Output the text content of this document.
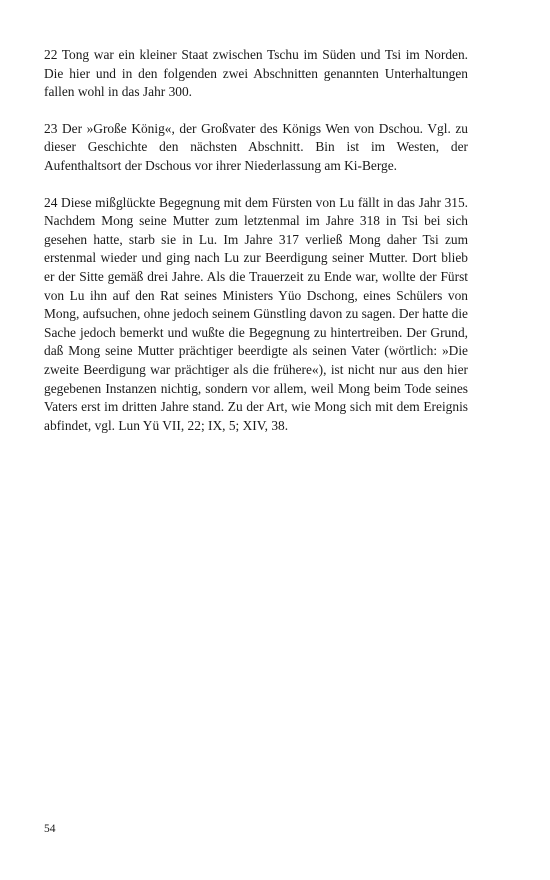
22 Tong war ein kleiner Staat zwischen Tschu im Süden und Tsi im Norden. Die hier und in den folgenden zwei Abschnitten genannten Unterhaltungen fallen wohl in das Jahr 300.

23 Der »Große König«, der Großvater des Königs Wen von Dschou. Vgl. zu dieser Geschichte den nächsten Abschnitt. Bin ist im Westen, der Aufenthaltsort der Dschous vor ihrer Niederlassung am Ki-Berge.

24 Diese mißglückte Begegnung mit dem Fürsten von Lu fällt in das Jahr 315. Nachdem Mong seine Mutter zum letztenmal im Jahre 318 in Tsi bei sich gesehen hatte, starb sie in Lu. Im Jahre 317 verließ Mong daher Tsi zum erstenmal wieder und ging nach Lu zur Beerdigung seiner Mutter. Dort blieb er der Sitte gemäß drei Jahre. Als die Trauerzeit zu Ende war, wollte der Fürst von Lu ihn auf den Rat seines Ministers Yüo Dschong, eines Schülers von Mong, aufsuchen, ohne jedoch seinem Günstling davon zu sagen. Der hatte die Sache jedoch bemerkt und wußte die Begegnung zu hintertreiben. Der Grund, daß Mong seine Mutter prächtiger beerdigte als seinen Vater (wörtlich: »Die zweite Beerdigung war prächtiger als die frühere«), ist nicht nur aus den hier gegebenen Instanzen nichtig, sondern vor allem, weil Mong beim Tode seines Vaters erst im dritten Jahre stand. Zu der Art, wie Mong sich mit dem Ereignis abfindet, vgl. Lun Yü VII, 22; IX, 5; XIV, 38.

54
